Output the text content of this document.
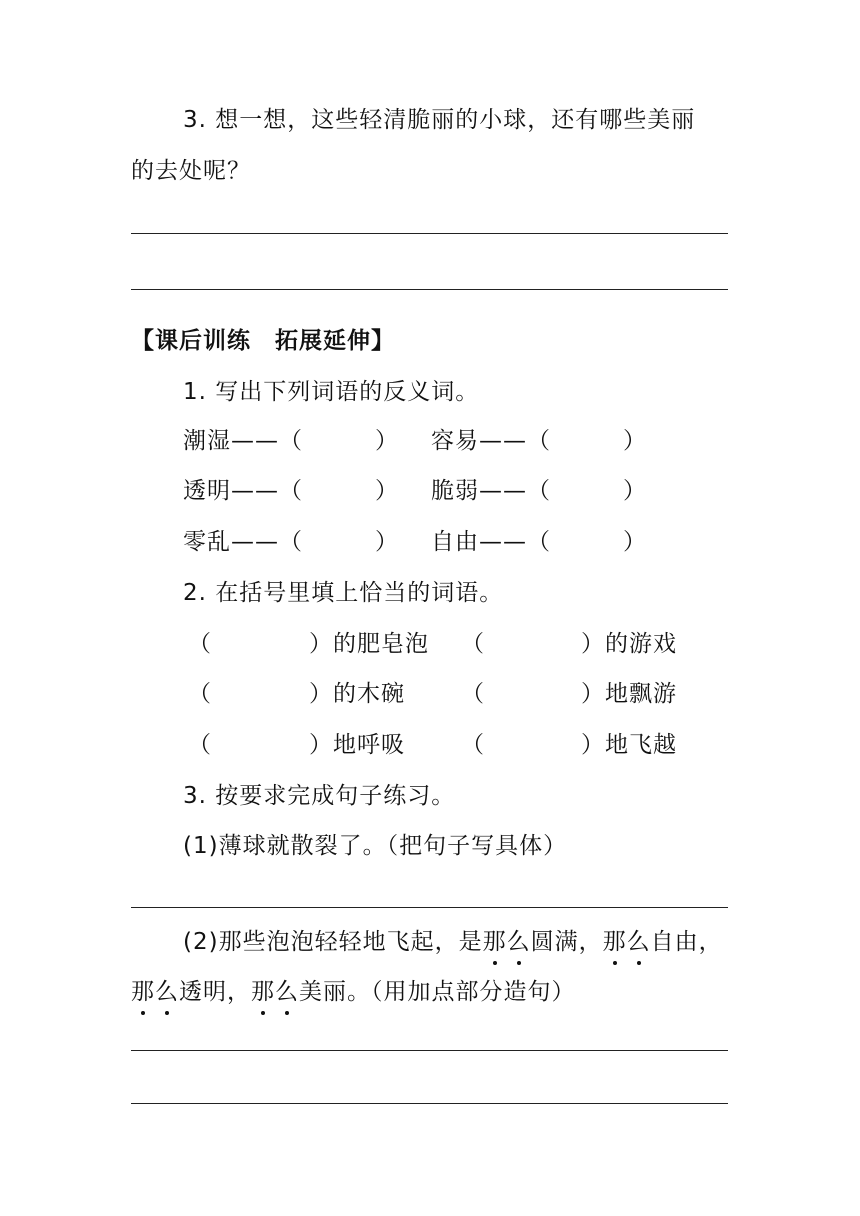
3. 想一想，这些轻清脆丽的小球，还有哪些美丽
的去处呢？
【课后训练　拓展延伸】
1. 写出下列词语的反义词。
潮湿——（　　　） 容易——（　　　）
透明——（　　　） 脆弱——（　　　）
零乱——（　　　） 自由——（　　　）
2. 在括号里填上恰当的词语。
（	）的肥皂泡 （	）的游戏
（	）的木碗 （	）地飘游
（	）地呼吸 （	）地飞越
3. 按要求完成句子练习。
(1)薄球就散裂了。（把句子写具体）
(2)那些泡泡轻轻地飞起，是那么圆满，那么自由，
那么透明，那么美丽。（用加点部分造句）
